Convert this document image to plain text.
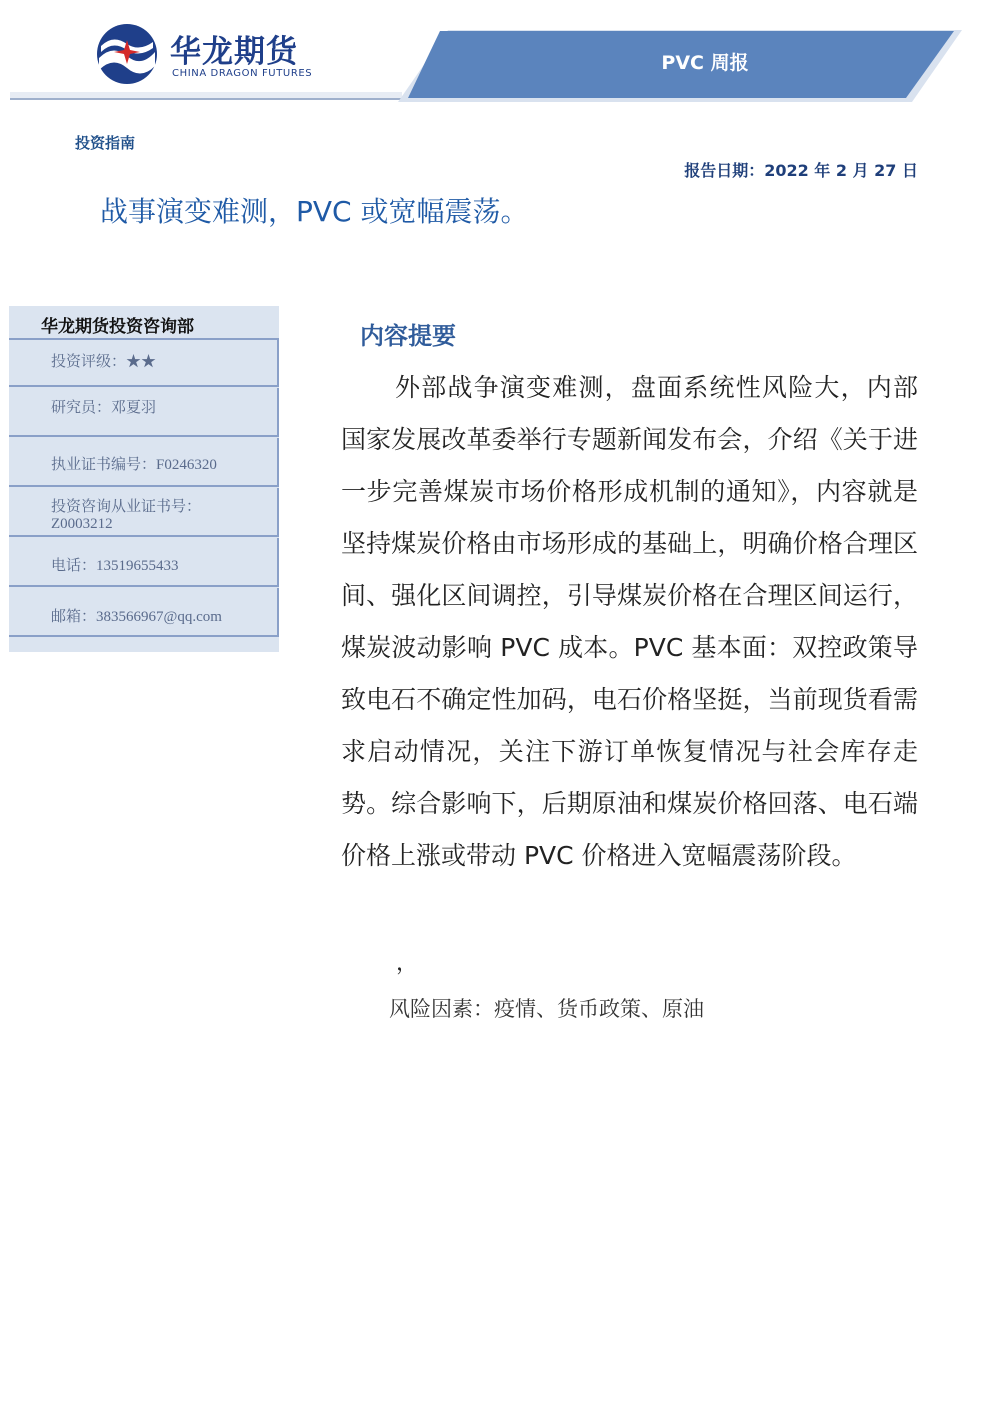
华龙期货
CHINA DRAGON FUTURES	PVC 周报
投资指南
报告日期：2022 年 2 月 27 日
战事演变难测，PVC 或宽幅震荡。
华龙期货投资咨询部
投资评级：★★
研究员：邓夏羽
执业证书编号：F0246320
投资咨询从业证书号：Z0003212
电话：13519655433
邮箱：383566967@qq.com
内容提要
外部战争演变难测，盘面系统性风险大，内部国家发展改革委举行专题新闻发布会，介绍《关于进一步完善煤炭市场价格形成机制的通知》，内容就是坚持煤炭价格由市场形成的基础上，明确价格合理区间、强化区间调控，引导煤炭价格在合理区间运行，煤炭波动影响 PVC 成本。PVC 基本面：双控政策导致电石不确定性加码，电石价格坚挺，当前现货看需求启动情况，关注下游订单恢复情况与社会库存走势。综合影响下，后期原油和煤炭价格回落、电石端价格上涨或带动 PVC 价格进入宽幅震荡阶段。
，
风险因素：疫情、货币政策、原油
